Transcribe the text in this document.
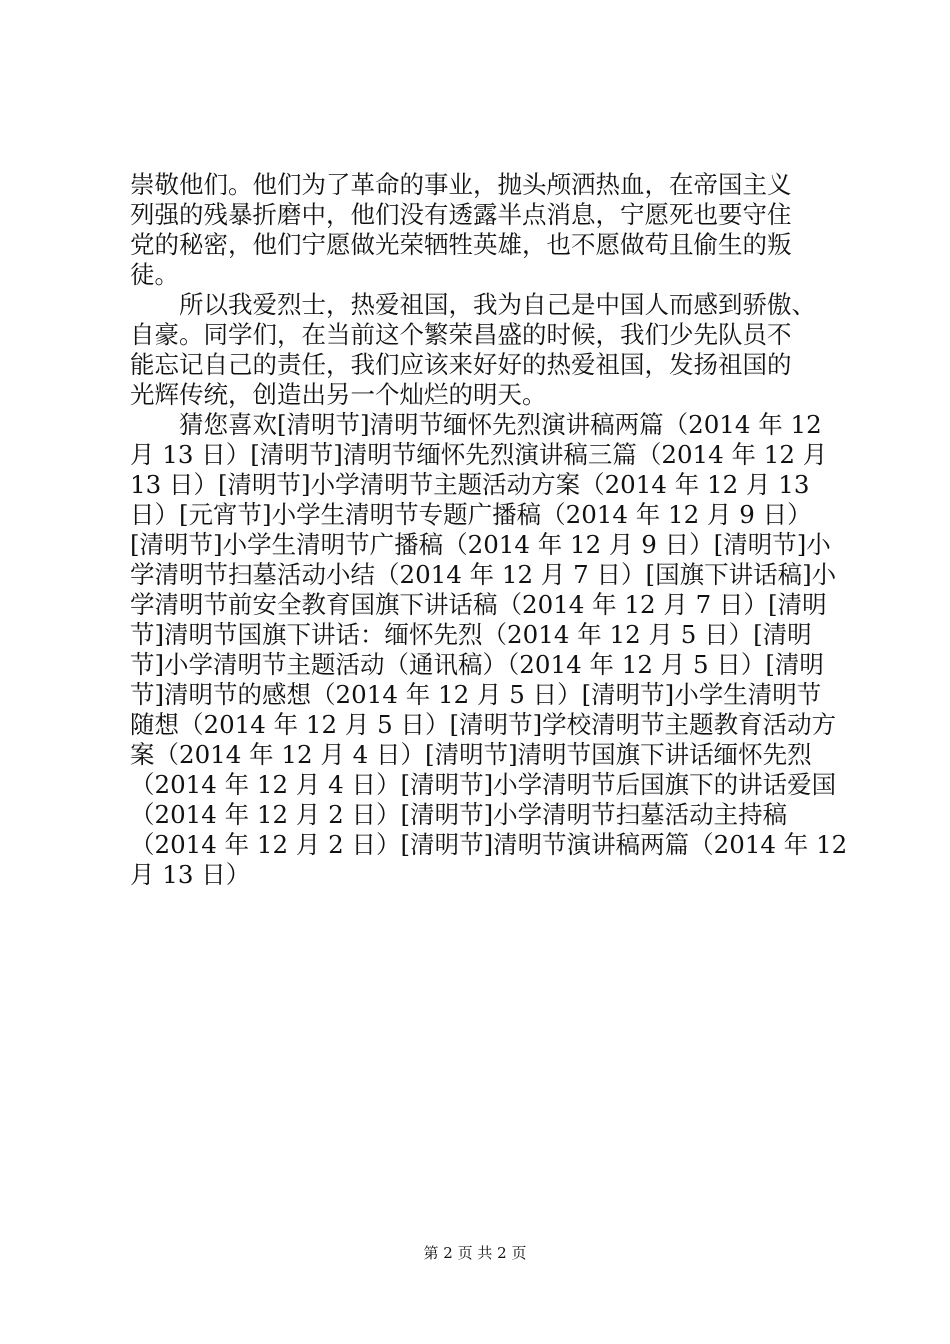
崇敬他们。他们为了革命的事业，抛头颅洒热血，在帝国主义
列强的残暴折磨中，他们没有透露半点消息，宁愿死也要守住
党的秘密，他们宁愿做光荣牺牲英雄，也不愿做苟且偷生的叛
徒。
　　所以我爱烈士，热爱祖国，我为自己是中国人而感到骄傲、
自豪。同学们，在当前这个繁荣昌盛的时候，我们少先队员不
能忘记自己的责任，我们应该来好好的热爱祖国，发扬祖国的
光辉传统，创造出另一个灿烂的明天。
　　猜您喜欢[清明节]清明节缅怀先烈演讲稿两篇（2014 年 12
月 13 日）[清明节]清明节缅怀先烈演讲稿三篇（2014 年 12 月
13 日）[清明节]小学清明节主题活动方案（2014 年 12 月 13
日）[元宵节]小学生清明节专题广播稿（2014 年 12 月 9 日）
[清明节]小学生清明节广播稿（2014 年 12 月 9 日）[清明节]小
学清明节扫墓活动小结（2014 年 12 月 7 日）[国旗下讲话稿]小
学清明节前安全教育国旗下讲话稿（2014 年 12 月 7 日）[清明
节]清明节国旗下讲话：缅怀先烈（2014 年 12 月 5 日）[清明
节]小学清明节主题活动（通讯稿）（2014 年 12 月 5 日）[清明
节]清明节的感想（2014 年 12 月 5 日）[清明节]小学生清明节
随想（2014 年 12 月 5 日）[清明节]学校清明节主题教育活动方
案（2014 年 12 月 4 日）[清明节]清明节国旗下讲话缅怀先烈
（2014 年 12 月 4 日）[清明节]小学清明节后国旗下的讲话爱国
（2014 年 12 月 2 日）[清明节]小学清明节扫墓活动主持稿
（2014 年 12 月 2 日）[清明节]清明节演讲稿两篇（2014 年 12
月 13 日）
第 2 页 共 2 页
